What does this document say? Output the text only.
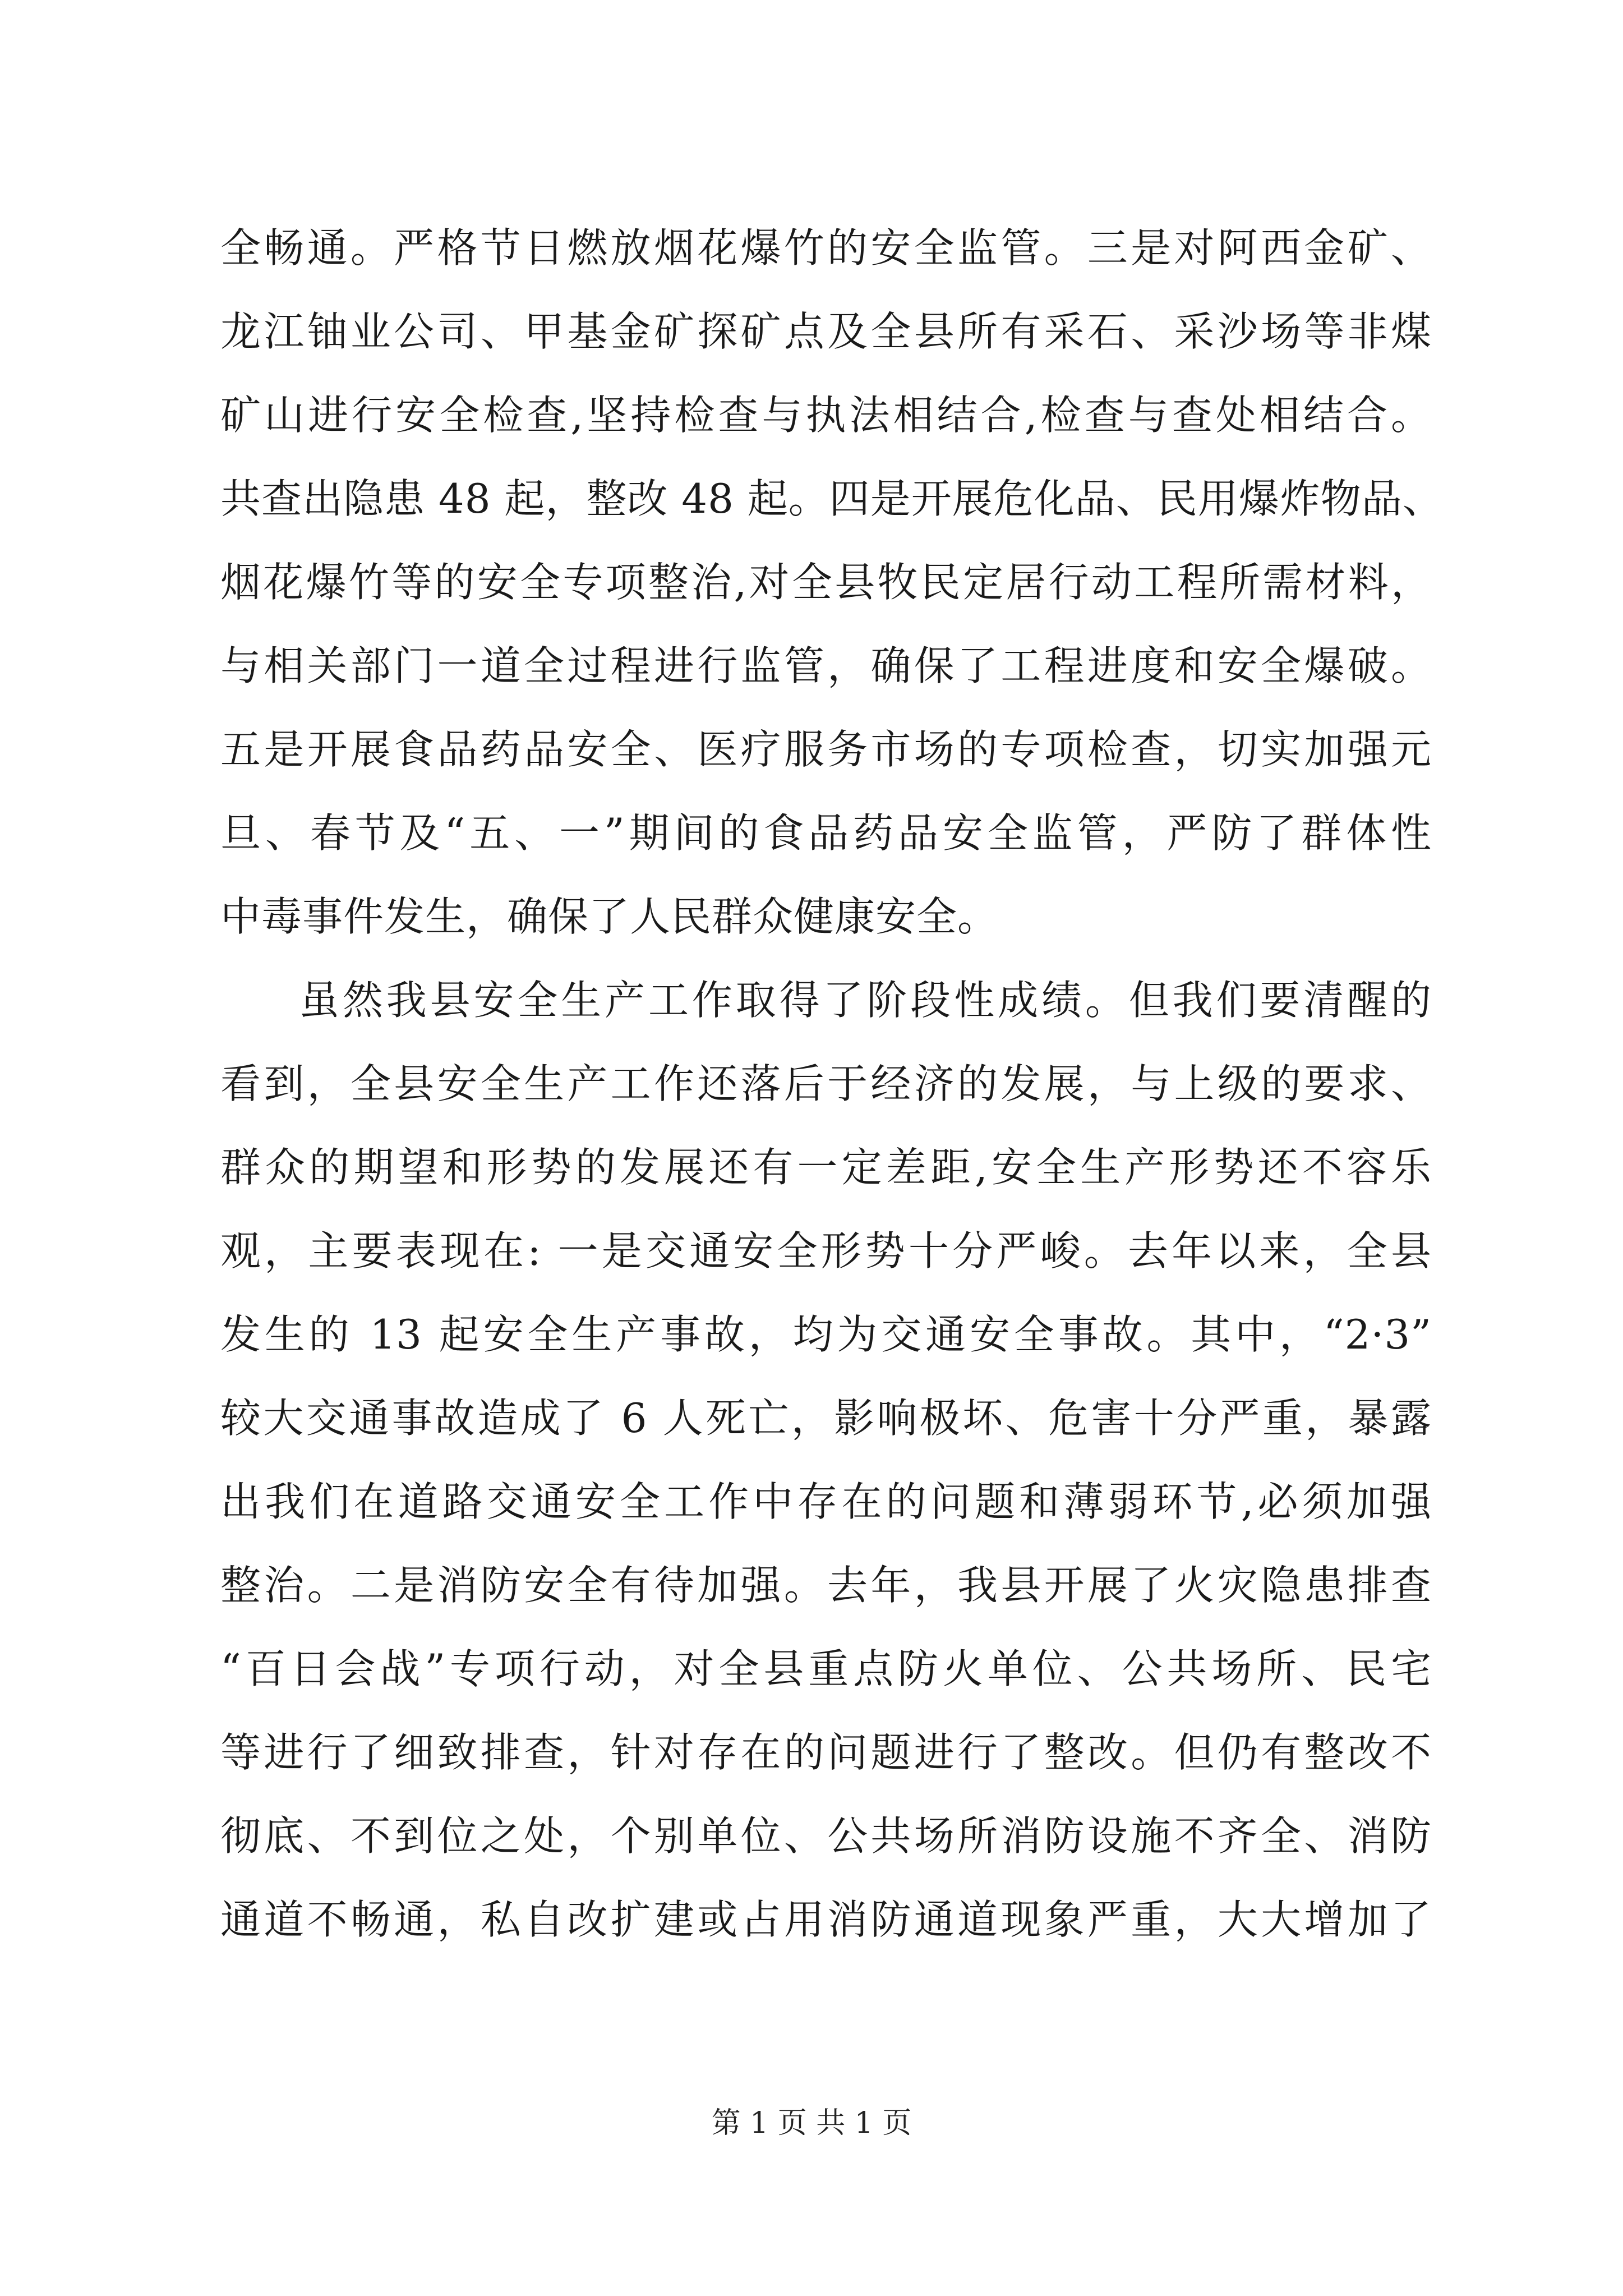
全畅通。严格节日燃放烟花爆竹的安全监管。三是对阿西金矿、
龙江铀业公司、甲基金矿探矿点及全县所有采石、采沙场等非煤
矿山进行安全检查,坚持检查与执法相结合,检查与查处相结合。
共查出隐患 48 起，整改 48 起。四是开展危化品、民用爆炸物品、
烟花爆竹等的安全专项整治,对全县牧民定居行动工程所需材料，
与相关部门一道全过程进行监管，确保了工程进度和安全爆破。
五是开展食品药品安全、医疗服务市场的专项检查，切实加强元
旦、春节及“五、一”期间的食品药品安全监管，严防了群体性
中毒事件发生，确保了人民群众健康安全。
虽然我县安全生产工作取得了阶段性成绩。但我们要清醒的
看到，全县安全生产工作还落后于经济的发展，与上级的要求、
群众的期望和形势的发展还有一定差距,安全生产形势还不容乐
观，主要表现在: 一是交通安全形势十分严峻。去年以来，全县
发生的 13 起安全生产事故，均为交通安全事故。其中，“2·3”
较大交通事故造成了 6 人死亡，影响极坏、危害十分严重，暴露
出我们在道路交通安全工作中存在的问题和薄弱环节,必须加强
整治。二是消防安全有待加强。去年，我县开展了火灾隐患排查
“百日会战”专项行动，对全县重点防火单位、公共场所、民宅
等进行了细致排查，针对存在的问题进行了整改。但仍有整改不
彻底、不到位之处，个别单位、公共场所消防设施不齐全、消防
通道不畅通，私自改扩建或占用消防通道现象严重，大大增加了
第 1 页 共 1 页
